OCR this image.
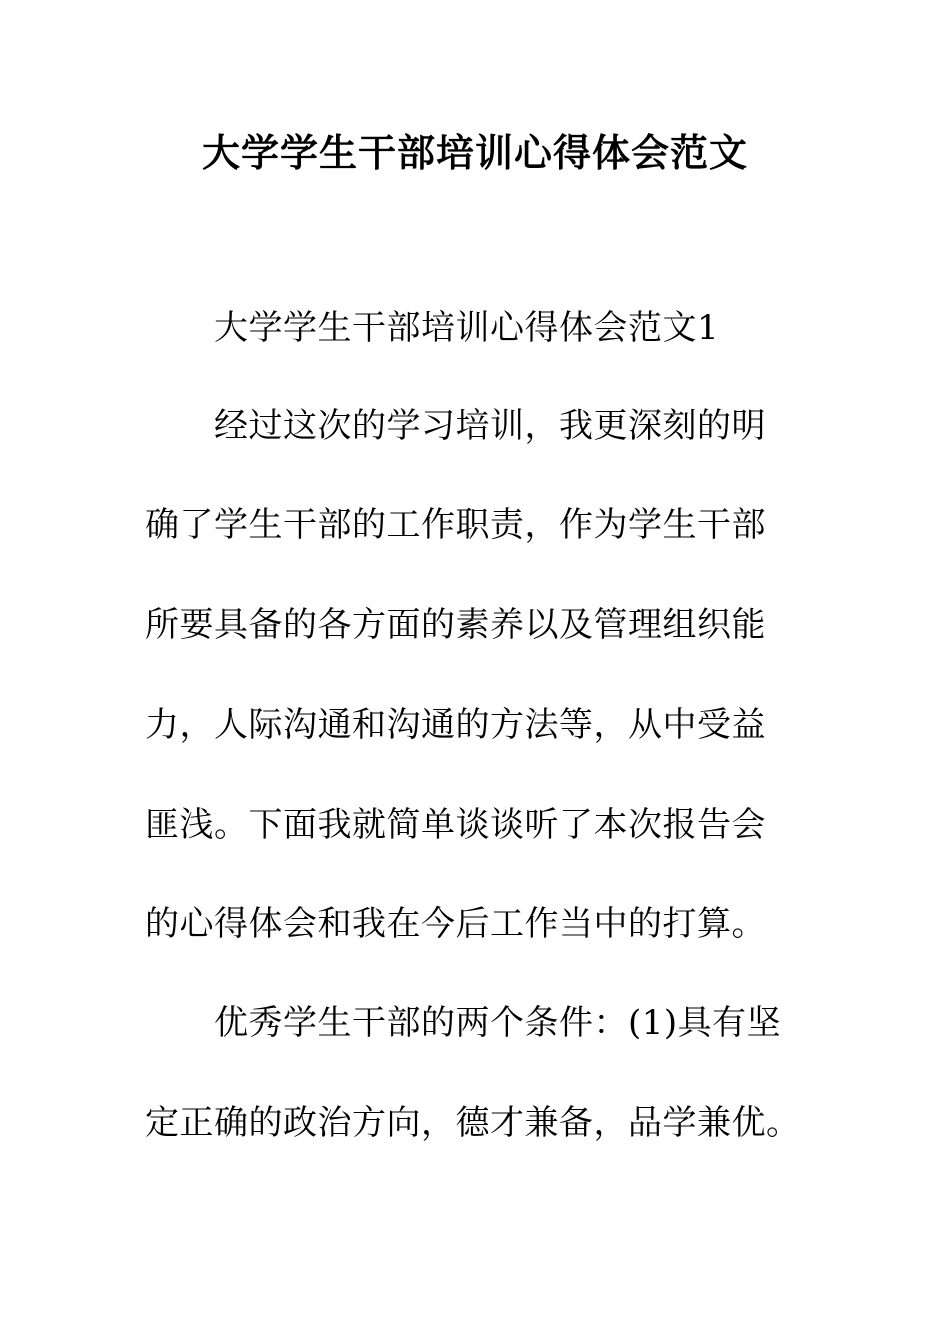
大学学生干部培训心得体会范文
大学学生干部培训心得体会范文1
经过这次的学习培训，我更深刻的明
确了学生干部的工作职责，作为学生干部
所要具备的各方面的素养以及管理组织能
力，人际沟通和沟通的方法等，从中受益
匪浅。下面我就简单谈谈听了本次报告会
的心得体会和我在今后工作当中的打算。
优秀学生干部的两个条件：(1)具有坚
定正确的政治方向，德才兼备，品学兼优。
